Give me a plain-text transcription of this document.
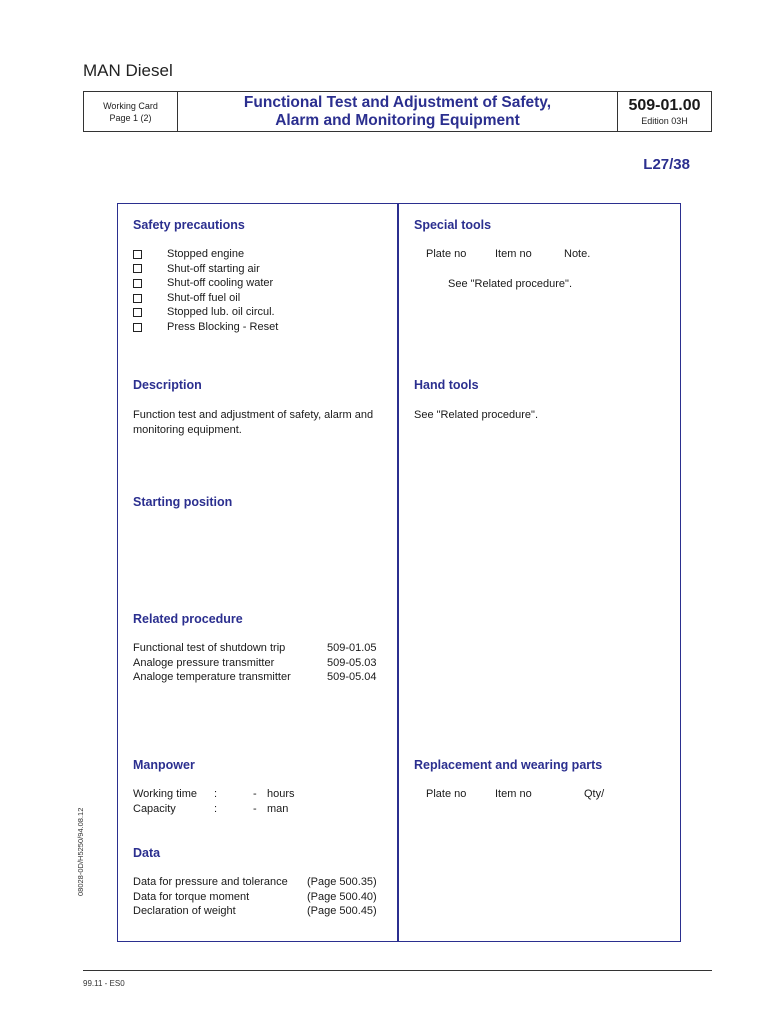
MAN Diesel
Working Card
Page 1 (2)
Functional Test and Adjustment of Safety,
Alarm and Monitoring Equipment
509-01.00
Edition 03H
L27/38
Safety precautions
Stopped engine
Shut-off starting air
Shut-off cooling water
Shut-off fuel oil
Stopped lub. oil circul.
Press Blocking - Reset
Description
Function test and adjustment of safety, alarm and
monitoring equipment.
Starting position
Related procedure
Functional test of shutdown trip	509-01.05
Analoge pressure transmitter	509-05.03
Analoge temperature transmitter	509-05.04
Manpower
Working time	:	- hours
Capacity	:	- man
Data
Data for pressure and tolerance	(Page 500.35)
Data for torque moment	(Page 500.40)
Declaration of weight	(Page 500.45)
Special tools
Plate no	Item no	Note.
See "Related procedure".
Hand tools
See "Related procedure".
Replacement and wearing parts
Plate no	Item no	Qty/
99.11 - ES0
08028-0D/H5250/94.08.12
